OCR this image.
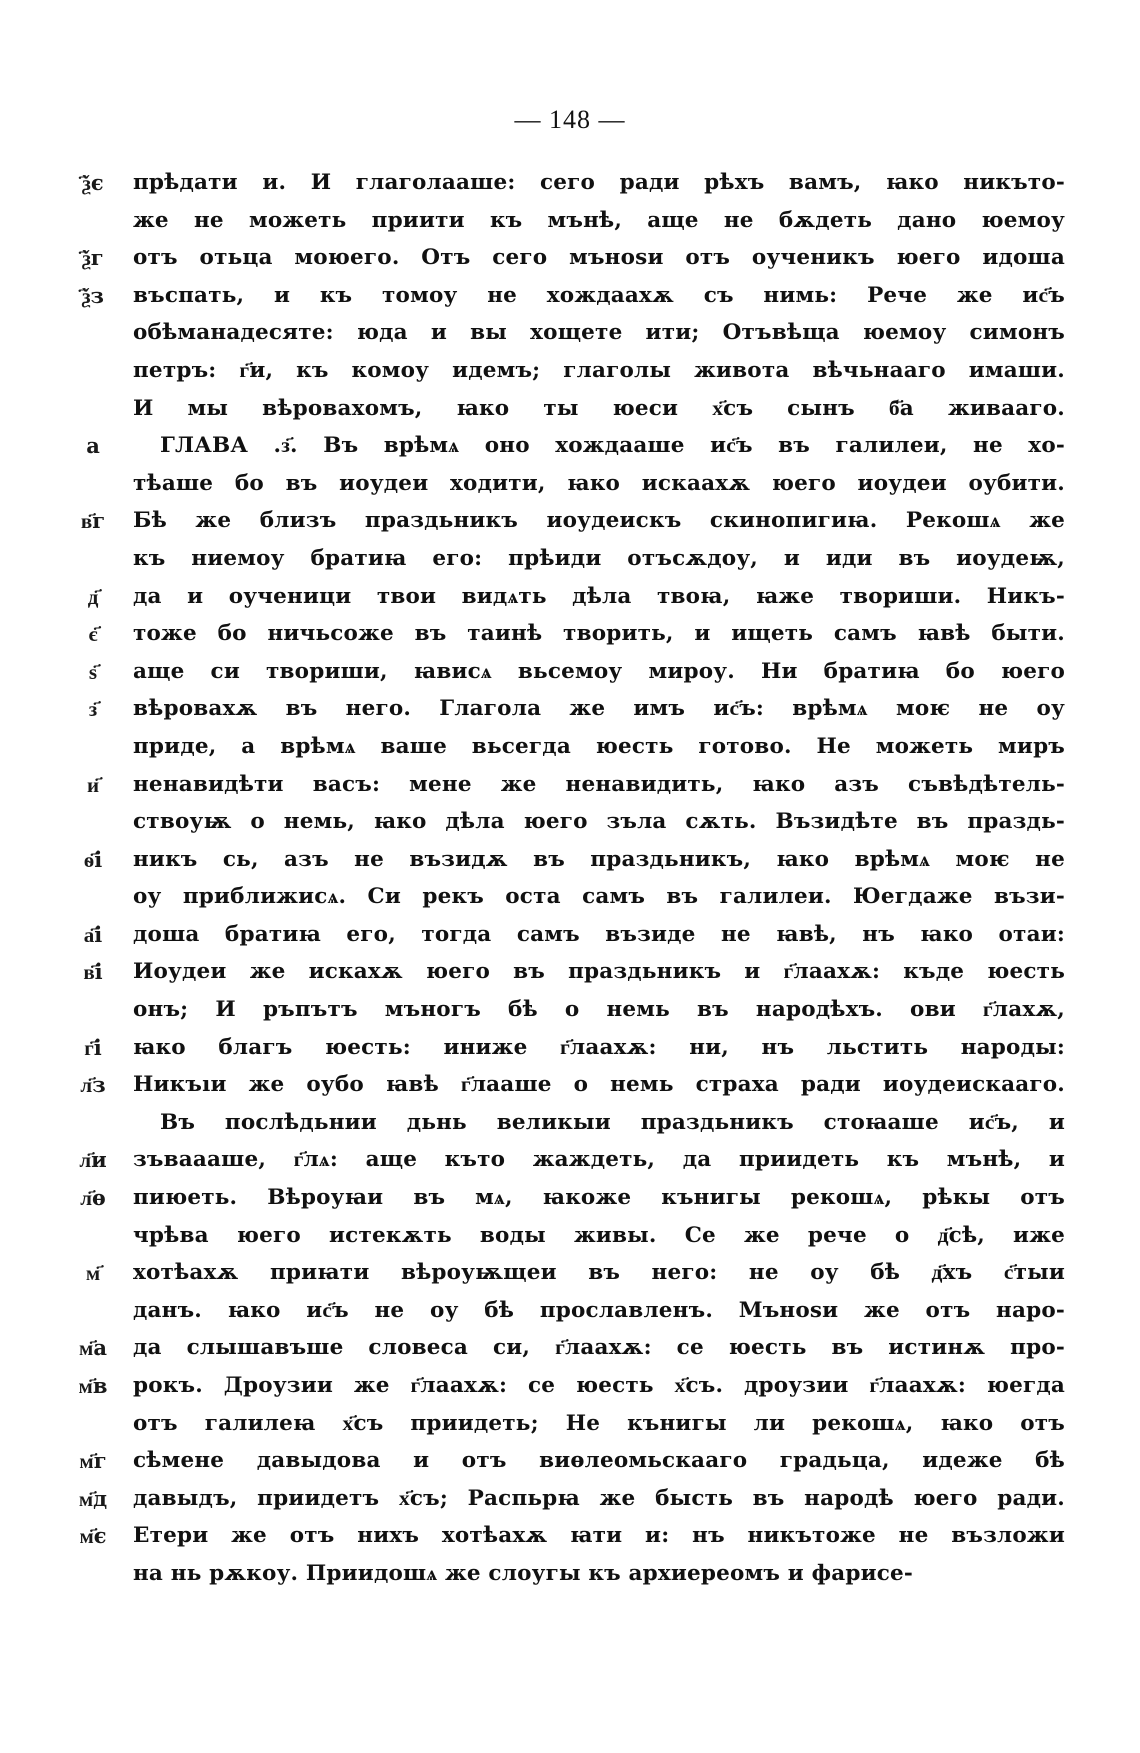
— 148 —
҃ѯє	прѣдати и. И глаголааше: сего ради рѣхъ вамъ, ꙗко никъто-
же не можеть приити къ мънѣ, аще не бѫдеть дано юемоу
҃ѯг	отъ отьца моюего. Отъ сего мъноѕи отъ оученикъ юего идоша
҃ѯз	въспать, и къ томоу не хождаахѫ съ нимь: Рече же ис҃ъ
обѣманадесяте: юда и вы хощете ити; Отъвѣща юемоу симонъ
петръ: г҃и, къ комоу идемъ; глаголы живота вѣчьнааго имаши.
И мы вѣровахомъ, ꙗко ты юеси х҃съ сынъ б҃а живааго.
а	ГЛАВА .з҃. Въ врѣмѧ оно хождааше ис҃ъ въ галилеи, не хо-
тѣаше бо въ иоудеи ходити, ꙗко искаахѫ юего иоудеи оубити.
в҃г	Бѣ же близъ праздьникъ иоудеискъ скинопигиꙗ. Рекошѧ же
къ ниемоу братиꙗ его: прѣиди отъсѫдоу, и иди въ иоудеѭ,
д҃	да и оученици твои видѧть дѣла твоꙗ, ꙗже твориши. Никъ-
є҃	тоже бо ничьсоже въ таинѣ творить, и ищеть самъ ꙗвѣ быти.
ѕ҃	аще си твориши, ꙗвисѧ вьсемоу мироу. Ни братиꙗ бо юего
з҃	вѣровахѫ въ него. Глагола же имъ ис҃ъ: врѣмѧ моѥ не оу
приде, а врѣмѧ ваше вьсегда юесть готово. Не можеть миръ
и҃	ненавидѣти васъ: мене же ненавидить, ꙗко азъ съвѣдѣтель-
ствоуѭ о немь, ꙗко дѣла юего зъла сѫть. Възидѣте въ праздь-
ѳ҃і	никъ сь, азъ не възидѫ въ праздьникъ, ꙗко врѣмѧ моѥ не
оу приближисѧ. Си рекъ оста самъ въ галилеи. Юегдаже възи-
а҃і	доша братиꙗ его, тогда самъ възиде не ꙗвѣ, нъ ꙗко отаи:
в҃і	Иоудеи же искахѫ юего въ праздьникъ и г҃лаахѫ: къде юесть
онъ; И ръпътъ мъногъ бѣ о немь въ народѣхъ. ови г҃лахѫ,
г҃і	ꙗко благъ юесть: иниже г҃лаахѫ: ни, нъ льстить народы:
л҃з	Никъıи же оубо ꙗвѣ г҃лааше о немь страха ради иоудеискааго.
Въ послѣдьнии дьнь великыи праздьникъ стоꙗаше ис҃ъ, и
л҃и	зъваааше, г҃лѧ: аще къто жаждеть, да приидеть къ мънѣ, и
л҃ѳ	пиюеть. Вѣроуꙗи въ мѧ, ꙗкоже кънигы рекошѧ, рѣкы отъ
чрѣва юего истекѫть воды живы. Се же рече о д҃сѣ, иже
м҃	хотѣахѫ приꙗти вѣроуѭщеи въ него: не оу бѣ д҃хъ с҃тыи
данъ. ꙗко ис҃ъ не оу бѣ прославленъ. Мъноѕи же отъ наро-
м҃а	да слышавъше словеса си, г҃лаахѫ: се юесть въ истинѫ про-
м҃в	рокъ. Дроузии же г҃лаахѫ: се юесть х҃съ. дроузии г҃лаахѫ: юегда
отъ галилеꙗ х҃съ приидеть; Не кънигы ли рекошѧ, ꙗко отъ
м҃г	сѣмене давыдова и отъ виѳлеомьскааго градьца, идеже бѣ
м҃д	давыдъ, приидетъ х҃съ; Распьрꙗ же бысть въ народѣ юего ради.
м҃є	Етери же отъ нихъ хотѣахѫ ꙗти и: нъ никътоже не възложи
на нь рѫкоу. Приидошѧ же слоугы къ архиереомъ и фарисе-
